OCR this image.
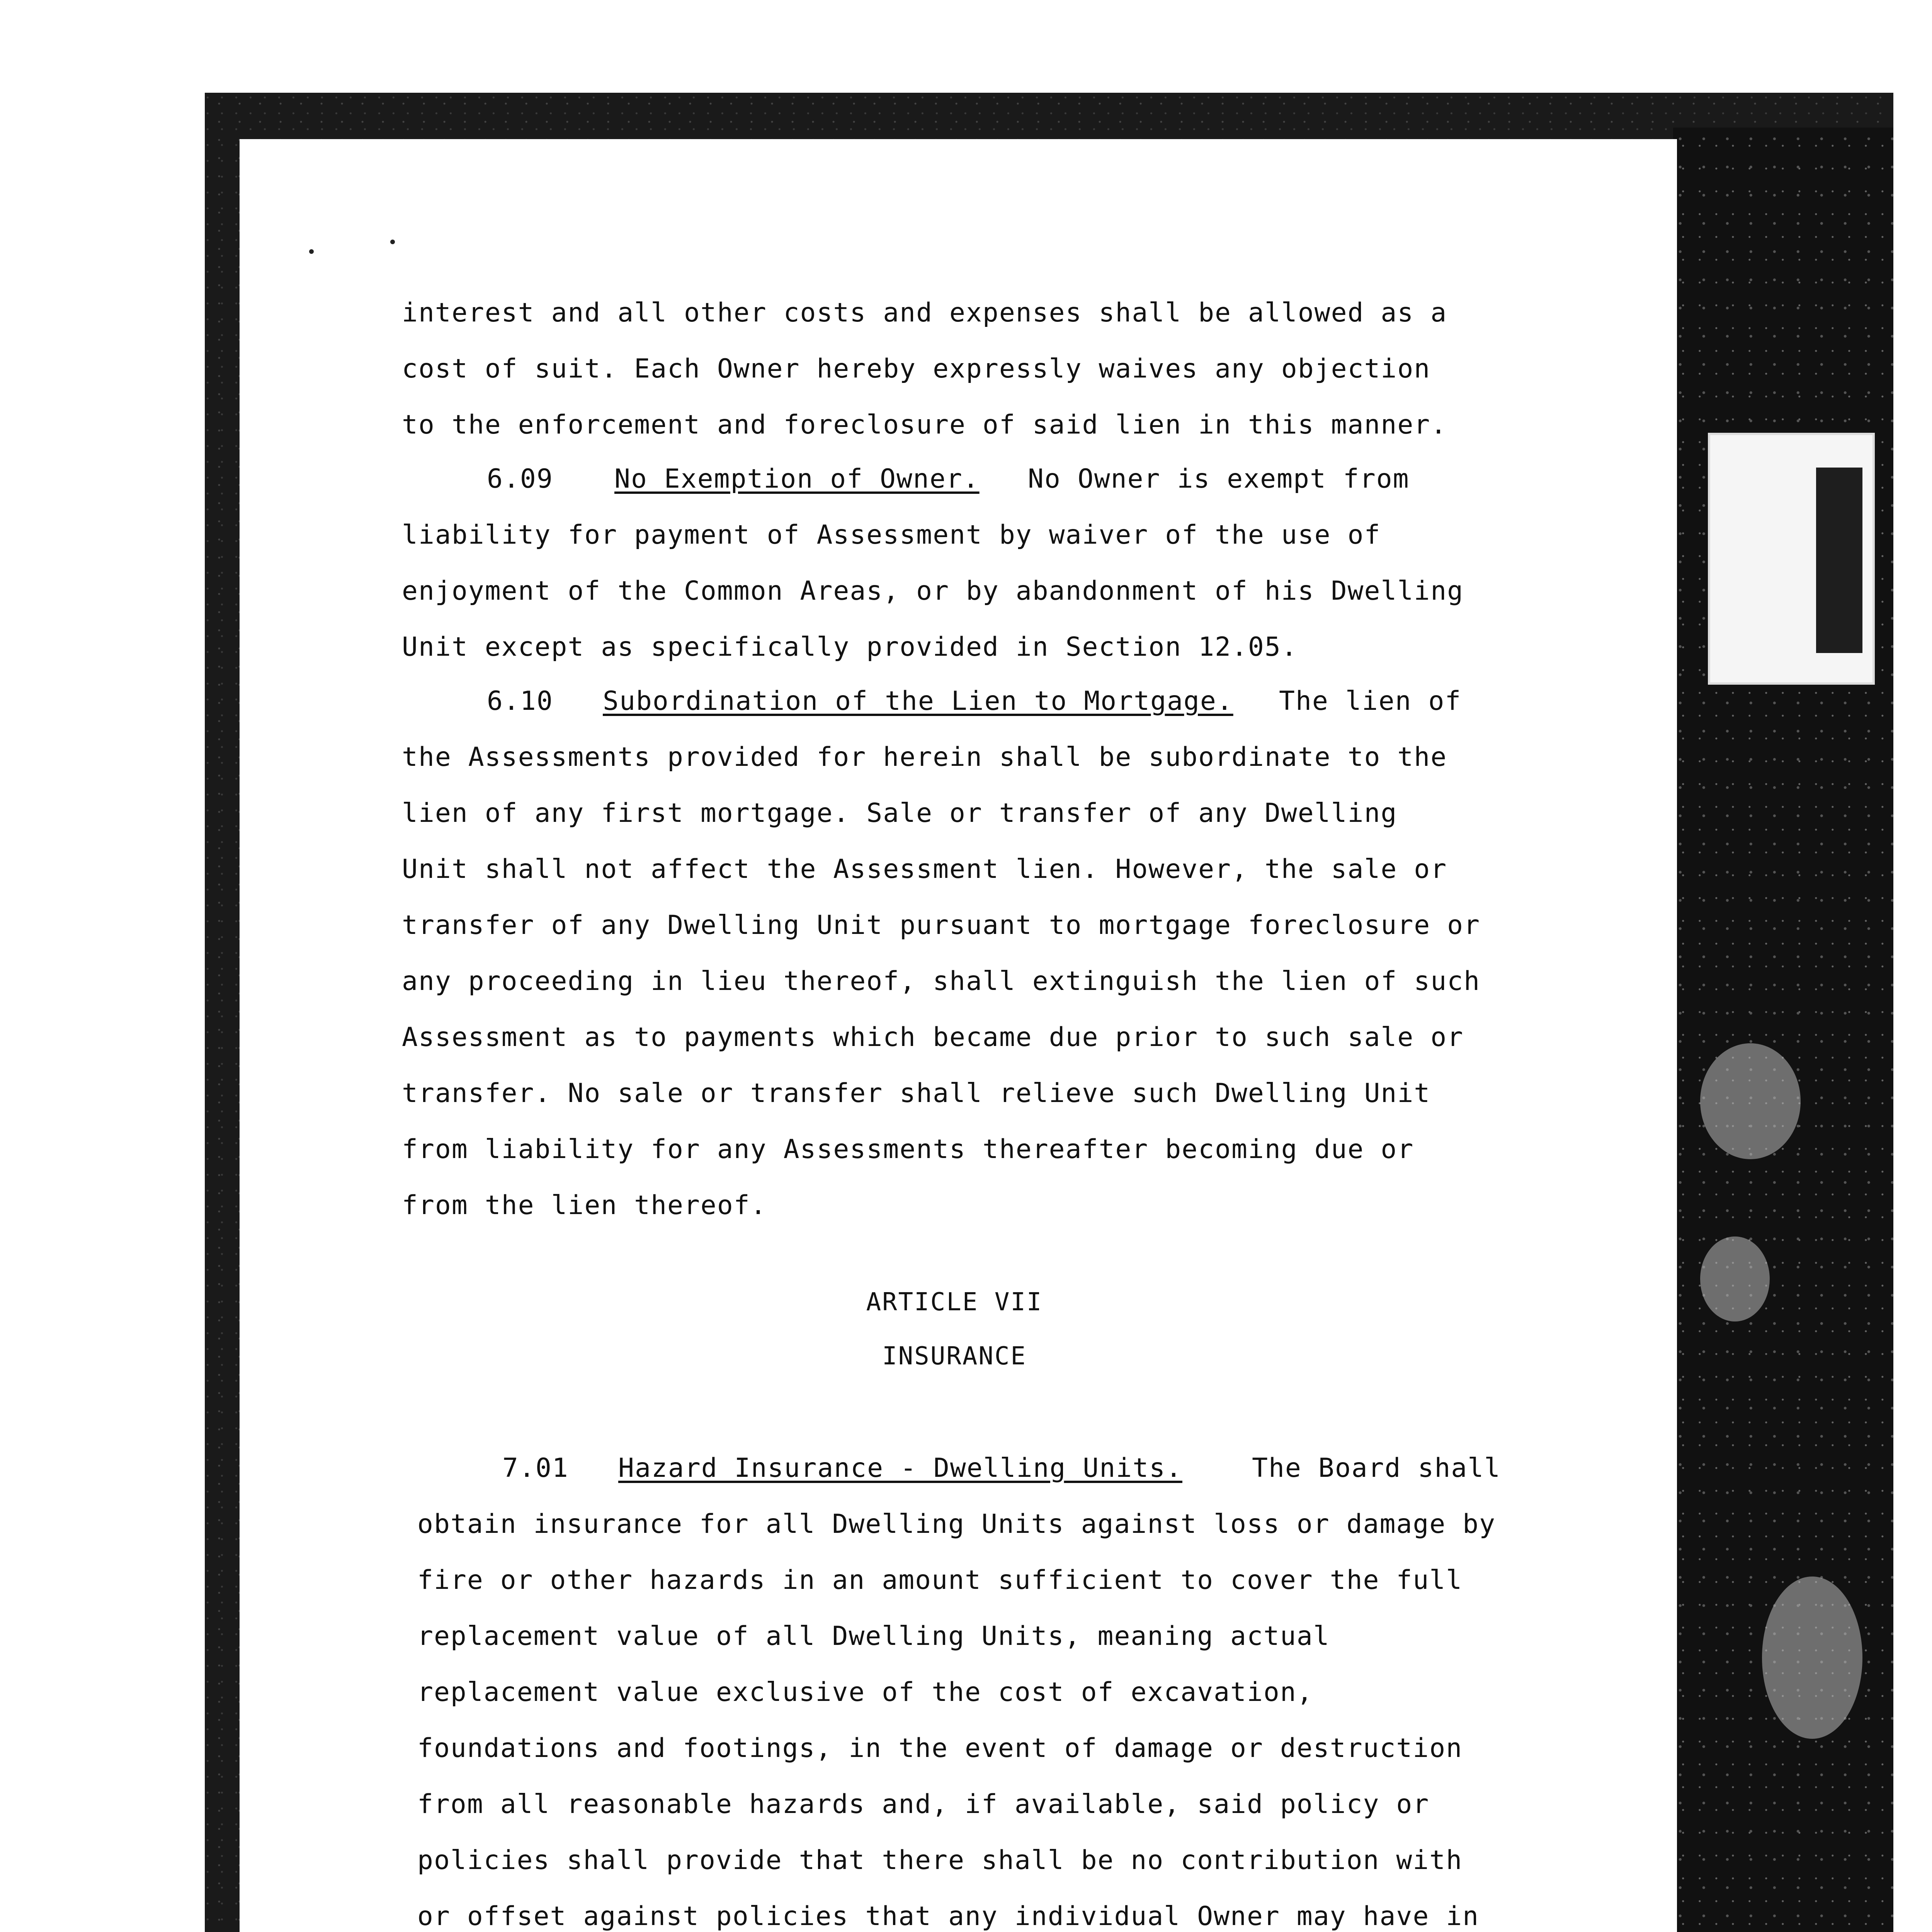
interest and all other costs and expenses shall be allowed as a

cost of suit. Each Owner hereby expressly waives any objection

to the enforcement and foreclosure of said lien in this manner.

6.09 No Exemption of Owner. No Owner is exempt from

liability for payment of Assessment by waiver of the use of

enjoyment of the Common Areas, or by abandonment of his Dwelling

Unit except as specifically provided in Section 12.05.

6.10 Subordination of the Lien to Mortgage. The lien of

the Assessments provided for herein shall be subordinate to the

lien of any first mortgage. Sale or transfer of any Dwelling

Unit shall not affect the Assessment lien. However, the sale or

transfer of any Dwelling Unit pursuant to mortgage foreclosure or

any proceeding in lieu thereof, shall extinguish the lien of such

Assessment as to payments which became due prior to such sale or

transfer. No sale or transfer shall relieve such Dwelling Unit

from liability for any Assessments thereafter becoming due or

from the lien thereof.

ARTICLE VII
INSURANCE

7.01 Hazard Insurance - Dwelling Units.	The Board shall

obtain insurance for all Dwelling Units against loss or damage by

fire or other hazards in an amount sufficient to cover the full

replacement value of all Dwelling Units, meaning actual

replacement value exclusive of the cost of excavation,

foundations and footings, in the event of damage or destruction

from all reasonable hazards and, if available, said policy or

policies shall provide that there shall be no contribution with

or offset against policies that any individual Owner may have in
